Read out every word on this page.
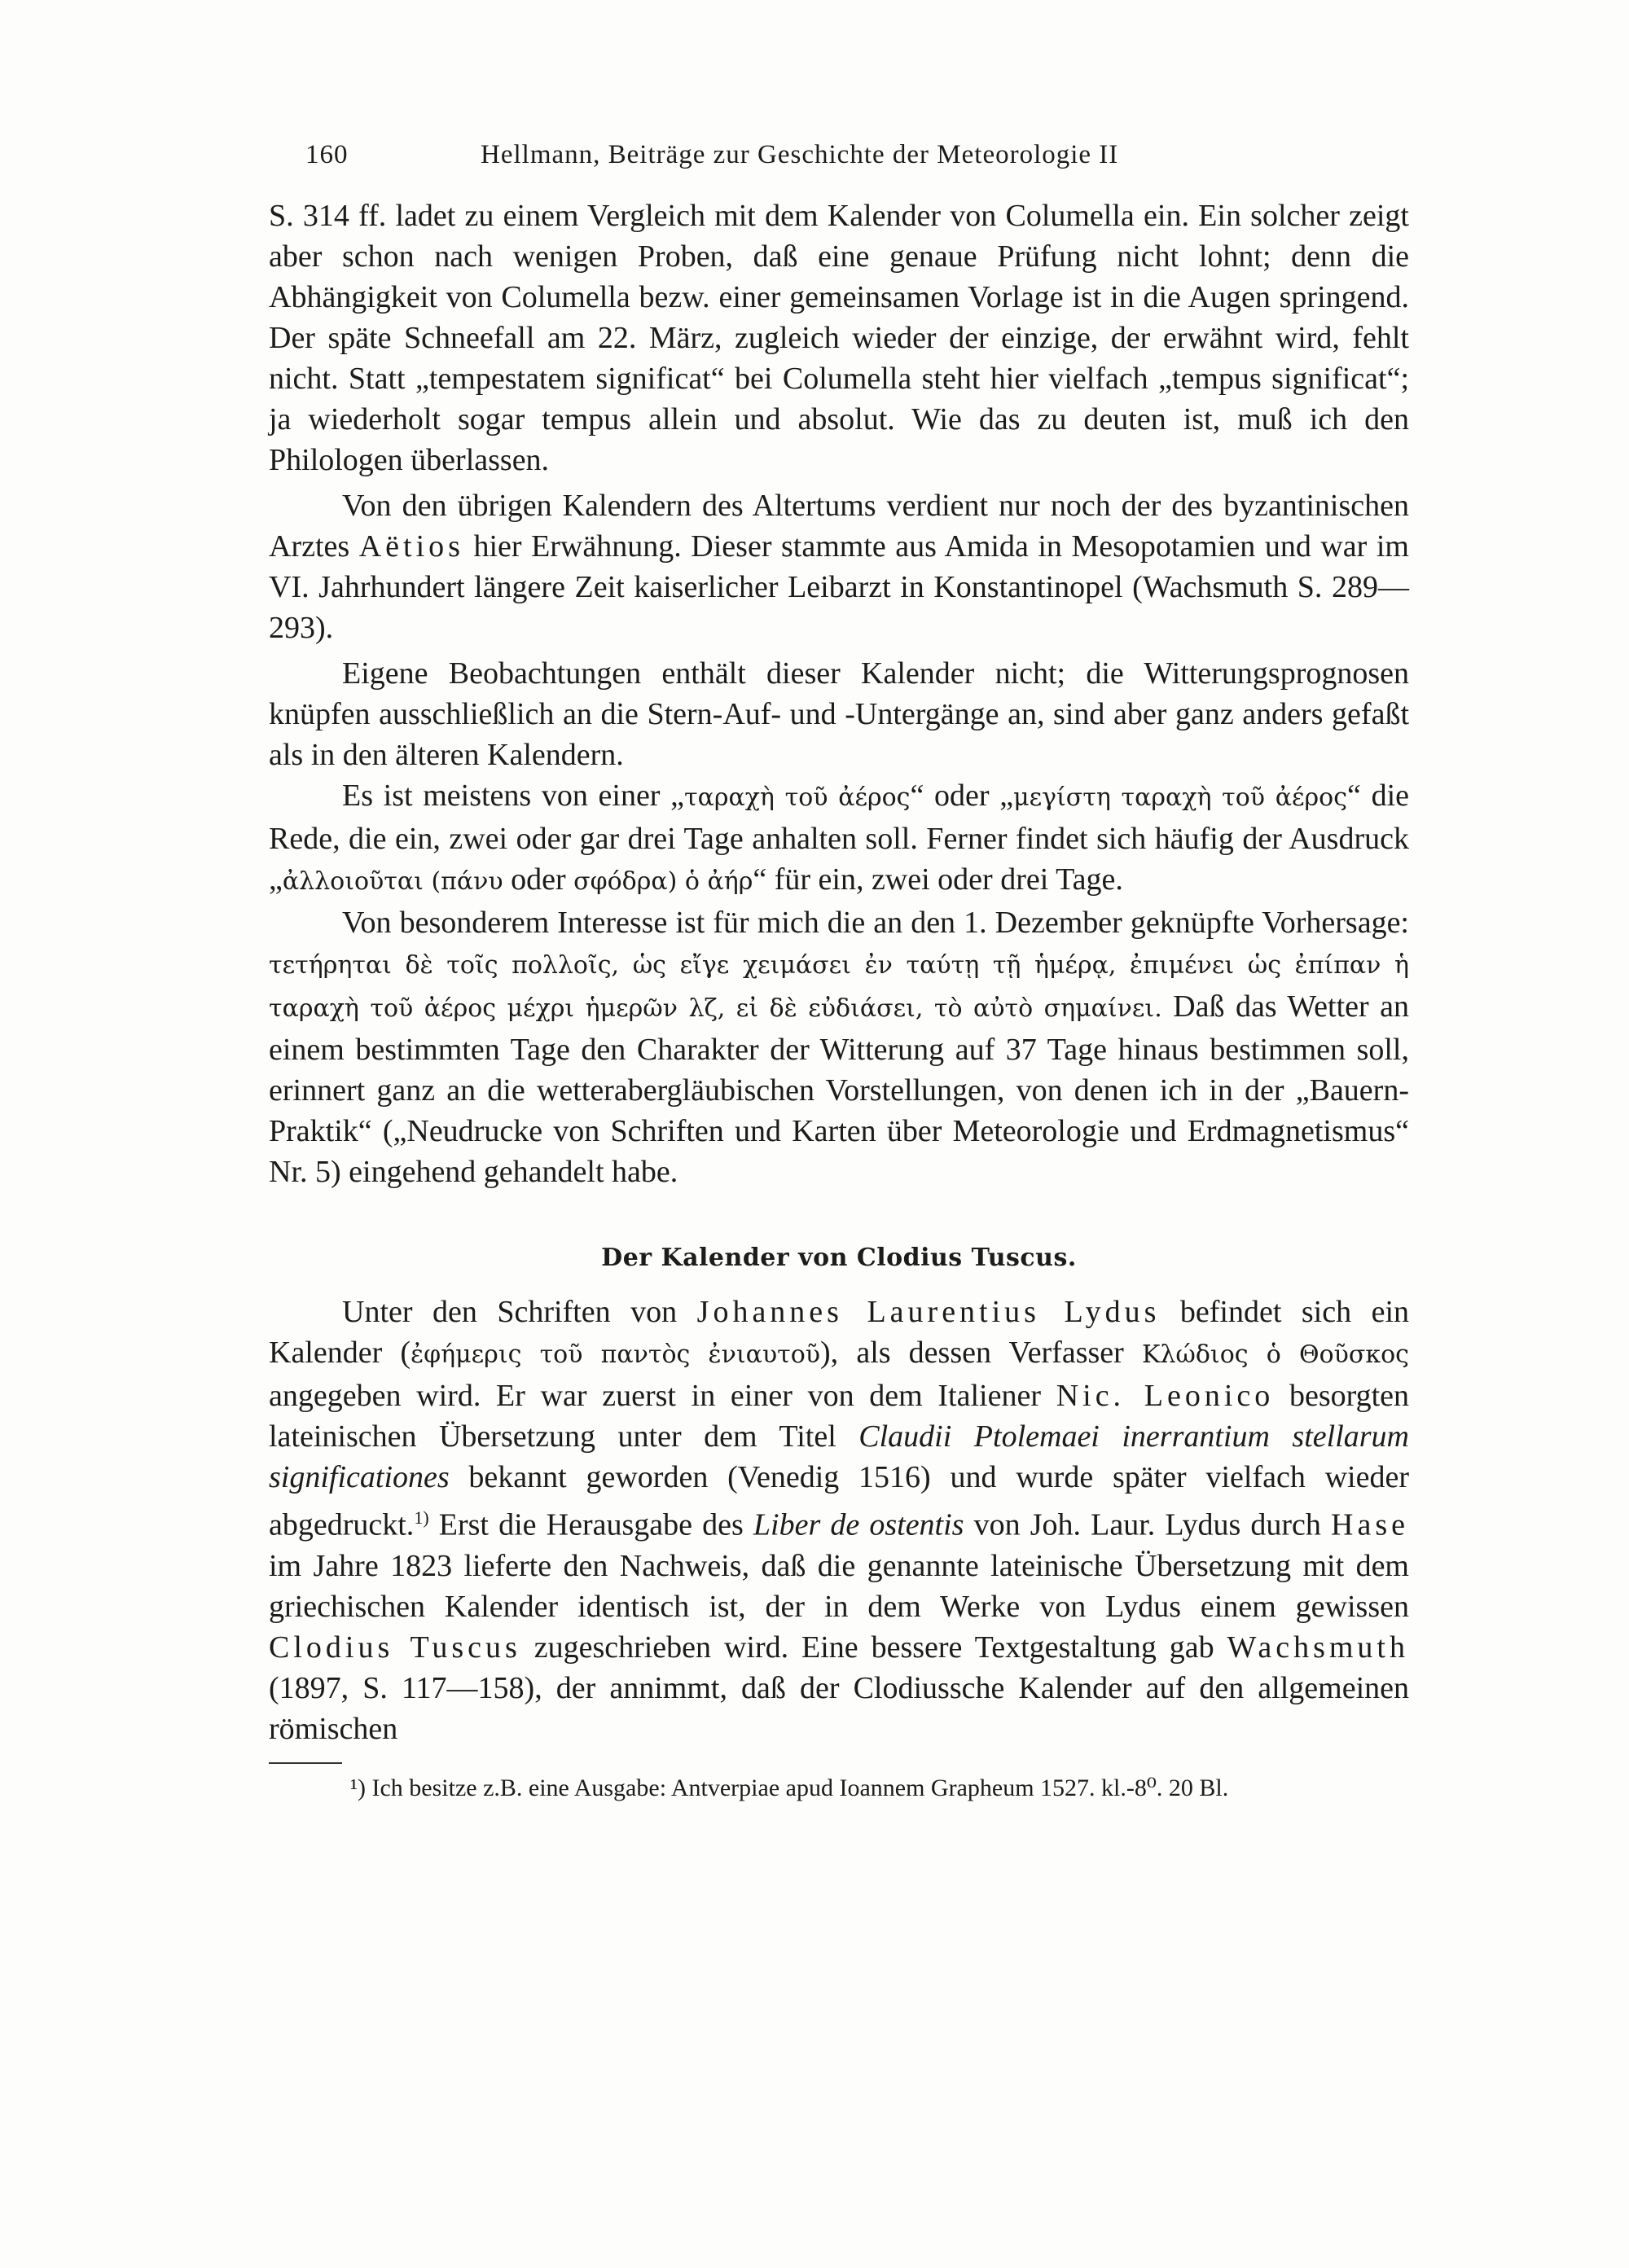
160	Hellmann, Beiträge zur Geschichte der Meteorologie II

S. 314 ff. ladet zu einem Vergleich mit dem Kalender von Columella ein. Ein solcher zeigt aber schon nach wenigen Proben, daß eine genaue Prüfung nicht lohnt; denn die Abhängigkeit von Columella bezw. einer gemeinsamen Vorlage ist in die Augen springend. Der späte Schneefall am 22. März, zugleich wieder der einzige, der erwähnt wird, fehlt nicht. Statt „tempestatem significat“ bei Columella steht hier vielfach „tempus significat“; ja wiederholt sogar tempus allein und absolut. Wie das zu deuten ist, muß ich den Philologen überlassen.

Von den übrigen Kalendern des Altertums verdient nur noch der des byzantinischen Arztes Aëtios hier Erwähnung. Dieser stammte aus Amida in Mesopotamien und war im VI. Jahrhundert längere Zeit kaiserlicher Leibarzt in Konstantinopel (Wachsmuth S. 289—293).

Eigene Beobachtungen enthält dieser Kalender nicht; die Witterungsprognosen knüpfen ausschließlich an die Stern-Auf- und -Untergänge an, sind aber ganz anders gefaßt als in den älteren Kalendern.

Es ist meistens von einer „ταραχὴ τοῦ ἀέρος“ oder „μεγίστη ταραχὴ τοῦ ἀέρος“ die Rede, die ein, zwei oder gar drei Tage anhalten soll. Ferner findet sich häufig der Ausdruck „ἀλλοιοῦται (πάνυ oder σφόδρα) ὁ ἀήρ“ für ein, zwei oder drei Tage.

Von besonderem Interesse ist für mich die an den 1. Dezember geknüpfte Vorhersage: τετήρηται δὲ τοῖς πολλοῖς, ὡς εἴγε χειμάσει ἐν ταύτῃ τῇ ἡμέρᾳ, ἐπιμένει ὡς ἐπίπαν ἡ ταραχὴ τοῦ ἀέρος μέχρι ἡμερῶν λζ, εἰ δὲ εὐδιάσει, τὸ αὐτὸ σημαίνει. Daß das Wetter an einem bestimmten Tage den Charakter der Witterung auf 37 Tage hinaus bestimmen soll, erinnert ganz an die wetterabergläubischen Vorstellungen, von denen ich in der „Bauern-Praktik“ („Neudrucke von Schriften und Karten über Meteorologie und Erdmagnetismus“ Nr. 5) eingehend gehandelt habe.

Der Kalender von Clodius Tuscus.

Unter den Schriften von Johannes Laurentius Lydus befindet sich ein Kalender (ἐφήμερις τοῦ παντὸς ἐνιαυτοῦ), als dessen Verfasser Κλώδιος ὁ Θοῦσκος angegeben wird. Er war zuerst in einer von dem Italiener Nic. Leonico besorgten lateinischen Übersetzung unter dem Titel Claudii Ptolemaei inerrantium stellarum significationes bekannt geworden (Venedig 1516) und wurde später vielfach wieder abgedruckt.$^{1)}$ Erst die Herausgabe des Liber de ostentis von Joh. Laur. Lydus durch Hase im Jahre 1823 lieferte den Nachweis, daß die genannte lateinische Übersetzung mit dem griechischen Kalender identisch ist, der in dem Werke von Lydus einem gewissen Clodius Tuscus zugeschrieben wird. Eine bessere Textgestaltung gab Wachsmuth (1897, S. 117—158), der annimmt, daß der Clodiussche Kalender auf den allgemeinen römischen

¹) Ich besitze z.B. eine Ausgabe: Antverpiae apud Ioannem Grapheum 1527. kl.-8⁰. 20 Bl.
